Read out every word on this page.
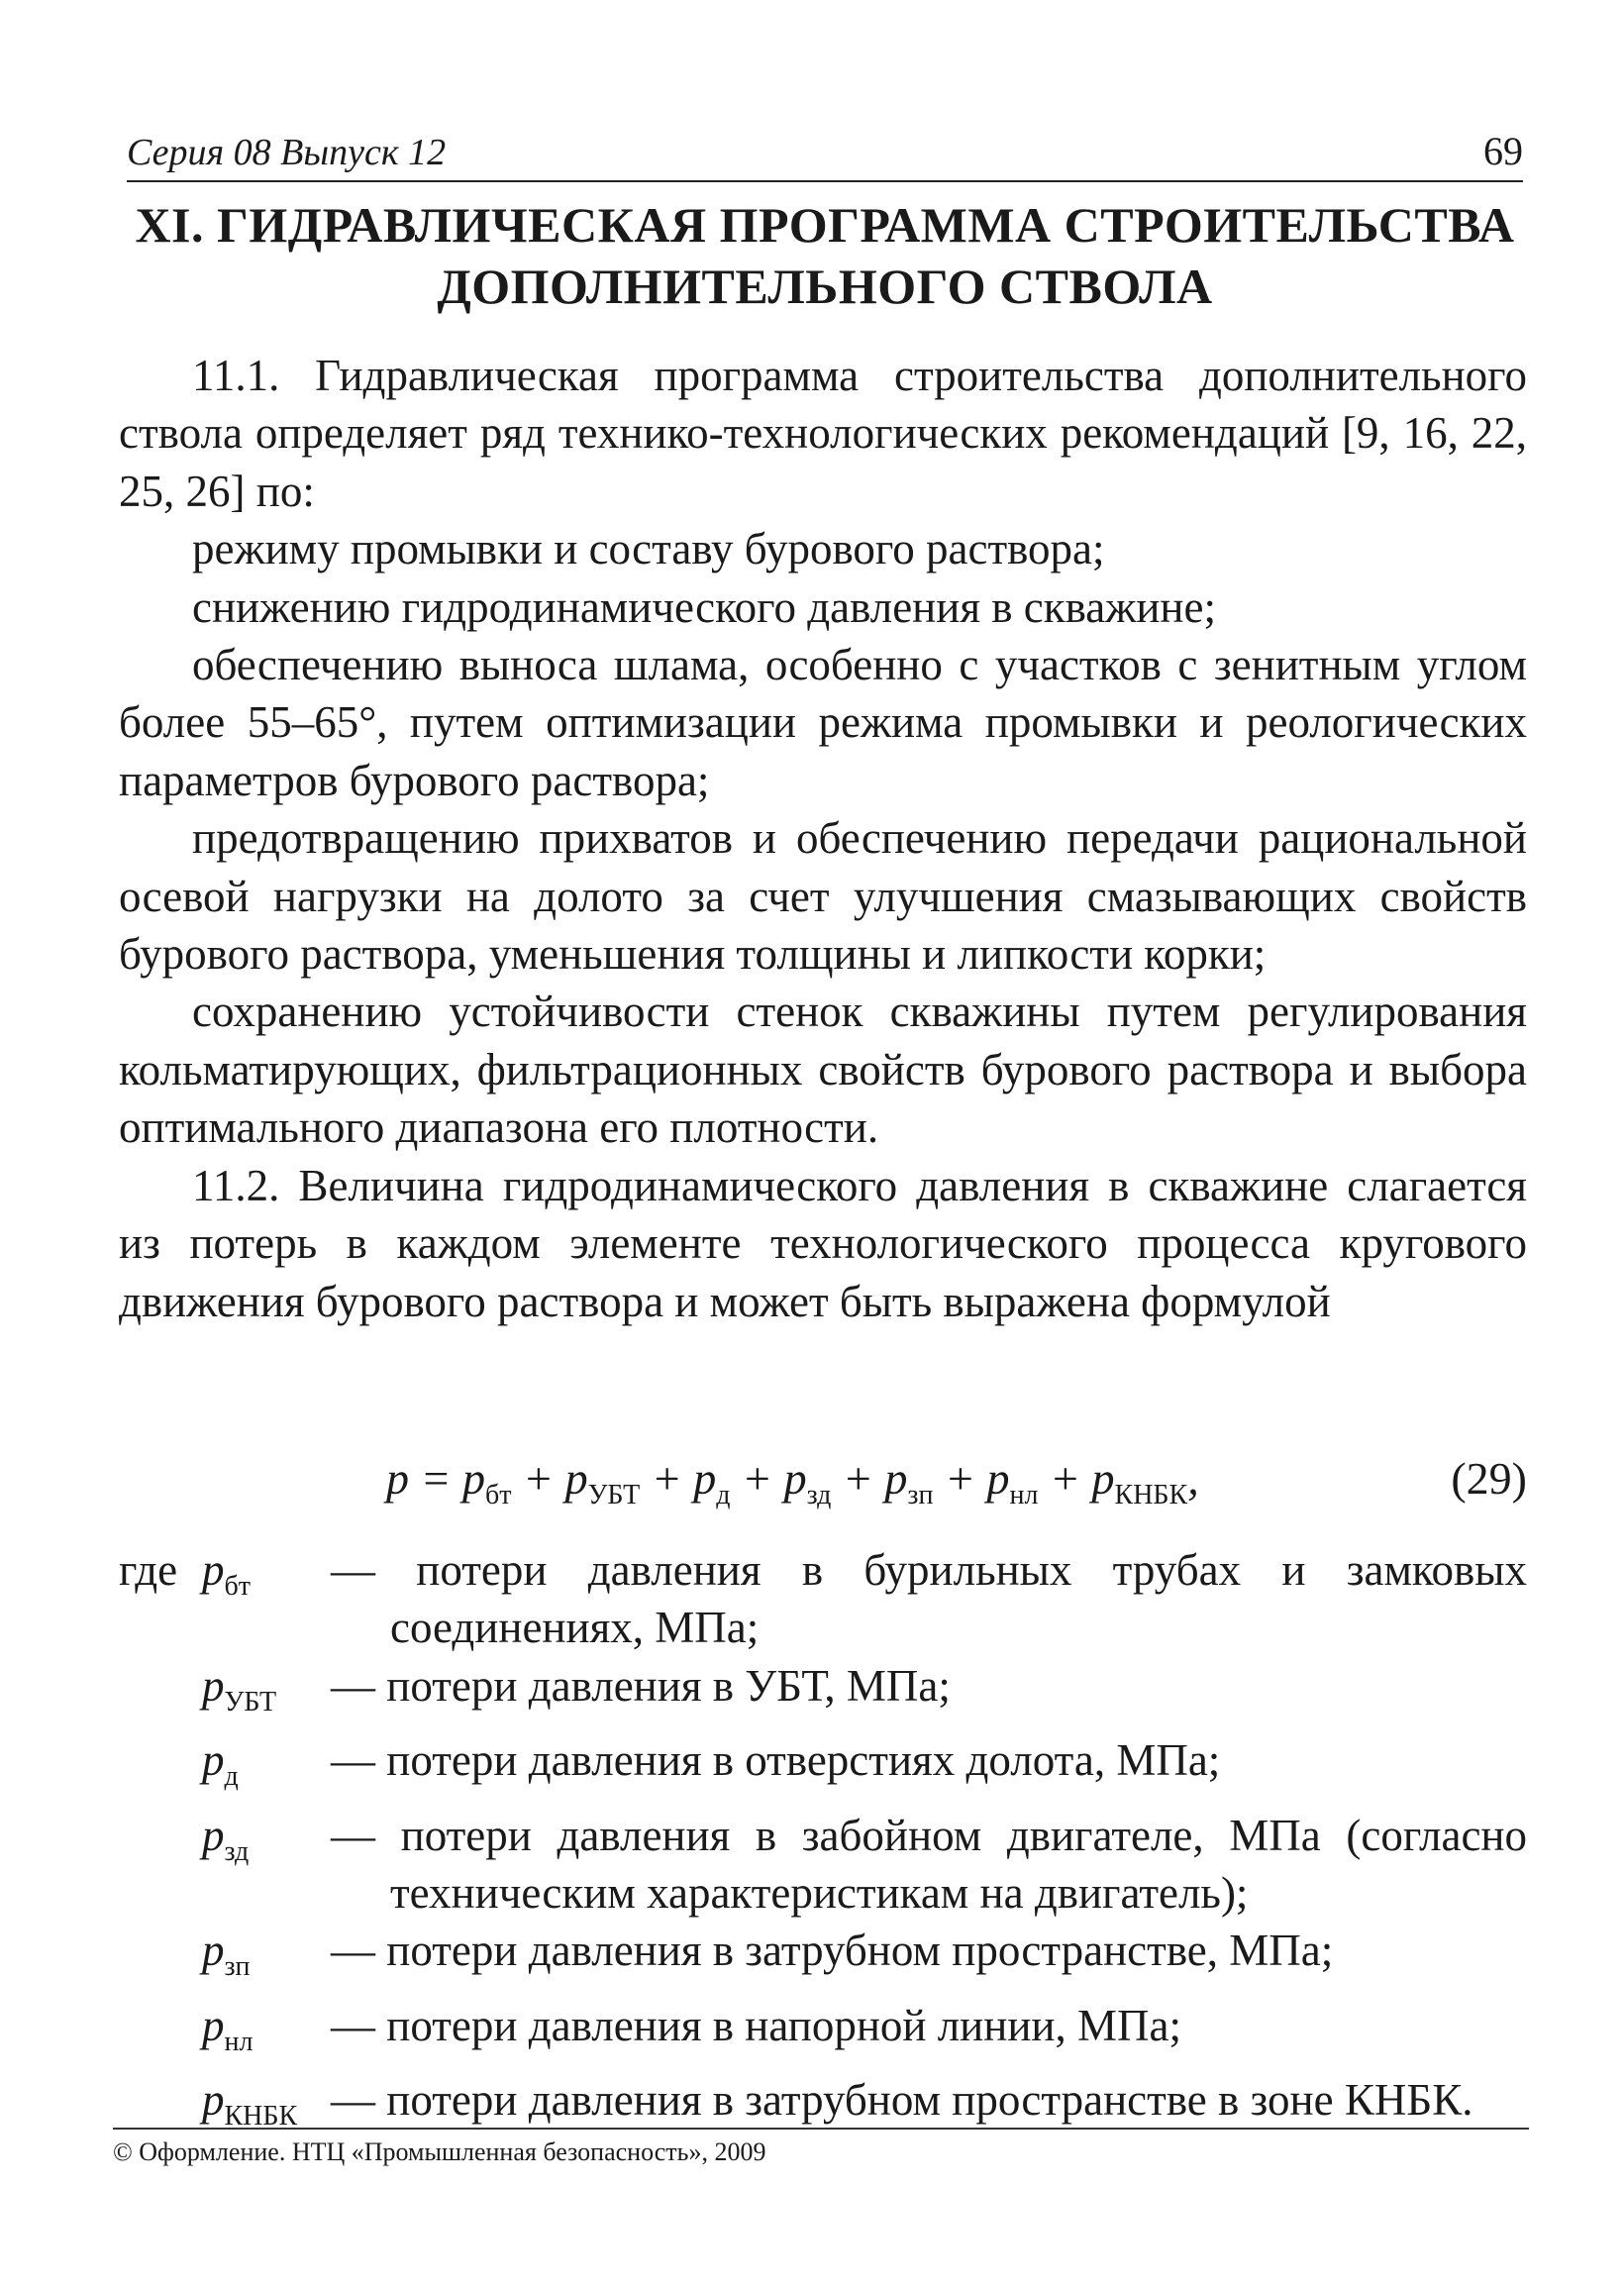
Серия 08 Выпуск 12	69
XI. ГИДРАВЛИЧЕСКАЯ ПРОГРАММА СТРОИТЕЛЬСТВА
ДОПОЛНИТЕЛЬНОГО СТВОЛА

11.1. Гидравлическая программа строительства дополнительного ствола определяет ряд технико-технологических рекомендаций [9, 16, 22, 25, 26] по:

режиму промывки и составу бурового раствора;

снижению гидродинамического давления в скважине;

обеспечению выноса шлама, особенно с участков с зенитным углом более 55–65°, путем оптимизации режима промывки и реологических параметров бурового раствора;

предотвращению прихватов и обеспечению передачи рациональной осевой нагрузки на долото за счет улучшения смазывающих свойств бурового раствора, уменьшения толщины и липкости корки;

сохранению устойчивости стенок скважины путем регулирования кольматирующих, фильтрационных свойств бурового раствора и выбора оптимального диапазона его плотности.

11.2. Величина гидродинамического давления в скважине слагается из потерь в каждом элементе технологического процесса кругового движения бурового раствора и может быть выражена формулой

$p = p_{бт} + p_{УБТ} + p_д + p_{зд} + p_{зп} + p_{нл} + p_{КНБК}$,	(29)
где $p_{бт}$	— потери давления в бурильных трубах и замковых соединениях, МПа;
$p_{УБТ}$	— потери давления в УБТ, МПа;
$p_д$	— потери давления в отверстиях долота, МПа;
$p_{зд}$	— потери давления в забойном двигателе, МПа (согласно техническим характеристикам на двигатель);
$p_{зп}$	— потери давления в затрубном пространстве, МПа;
$p_{нл}$	— потери давления в напорной линии, МПа;
$p_{КНБК}$ — потери давления в затрубном пространстве в зоне КНБК.
© Оформление. НТЦ «Промышленная безопасность», 2009
